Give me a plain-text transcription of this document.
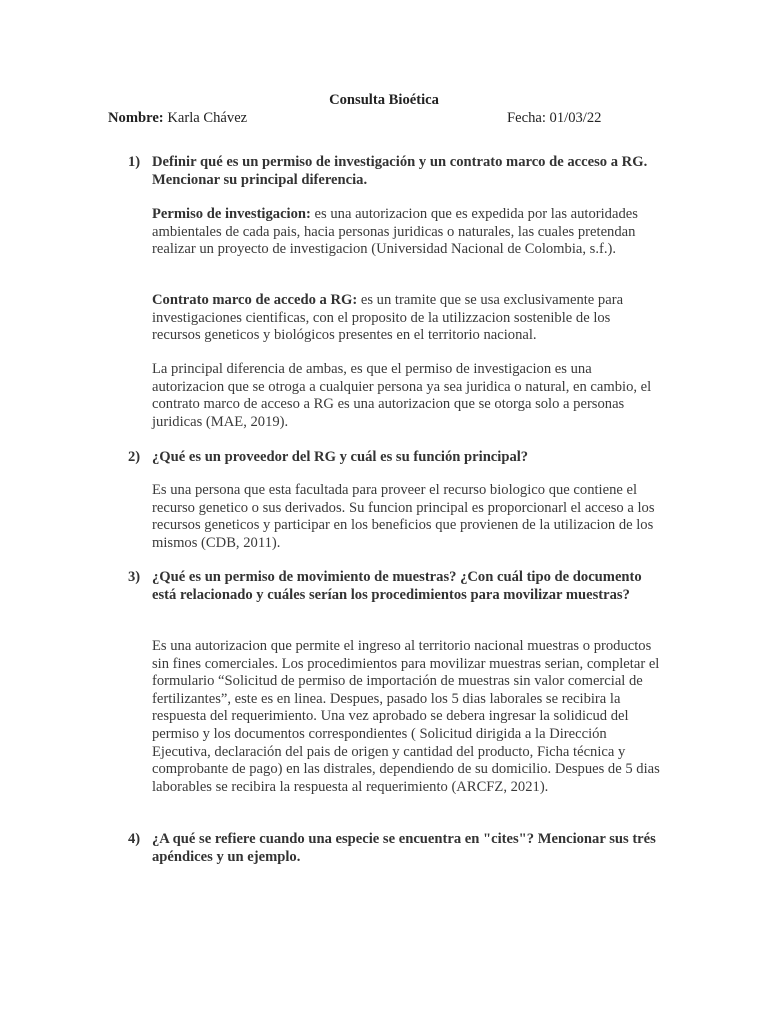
Consulta Bioética
Nombre: Karla Chávez	Fecha: 01/03/22
1) Definir qué es un permiso de investigación y un contrato marco de acceso a RG. Mencionar su principal diferencia.
Permiso de investigacion: es una autorizacion que es expedida por las autoridades ambientales de cada pais, hacia personas juridicas o naturales, las cuales pretendan realizar un proyecto de investigacion (Universidad Nacional de Colombia, s.f.).
Contrato marco de accedo a RG: es un tramite que se usa exclusivamente para investigaciones cientificas, con el proposito de la utilizzacion sostenible de los recursos geneticos y biológicos presentes en el territorio nacional.
La principal diferencia de ambas, es que el permiso de investigacion es una autorizacion que se otroga a cualquier persona ya sea juridica o natural, en cambio, el contrato marco de acceso a RG es una autorizacion que se otorga solo a personas juridicas (MAE, 2019).
2) ¿Qué es un proveedor del RG y cuál es su función principal?
Es una persona que esta facultada para proveer el recurso biologico que contiene el recurso genetico o sus derivados. Su funcion principal es proporcionarl el acceso a los recursos geneticos y participar en los beneficios que provienen de la utilizacion de los mismos (CDB, 2011).
3) ¿Qué es un permiso de movimiento de muestras? ¿Con cuál tipo de documento está relacionado y cuáles serían los procedimientos para movilizar muestras?
Es una autorizacion que permite el ingreso al territorio nacional muestras o productos sin fines comerciales. Los procedimientos para movilizar muestras serian, completar el formulario “Solicitud de permiso de importación de muestras sin valor comercial de fertilizantes”, este es en linea. Despues, pasado los 5 dias laborales se recibira la respuesta del requerimiento. Una vez aprobado se debera ingresar la solidicud del permiso y los documentos correspondientes ( Solicitud dirigida a la Dirección Ejecutiva, declaración del pais de origen y cantidad del producto, Ficha técnica y comprobante de pago) en las distrales, dependiendo de su domicilio. Despues de 5 dias laborables se recibira la respuesta al requerimiento (ARCFZ, 2021).
4) ¿A qué se refiere cuando una especie se encuentra en "cites"? Mencionar sus trés apéndices y un ejemplo.
